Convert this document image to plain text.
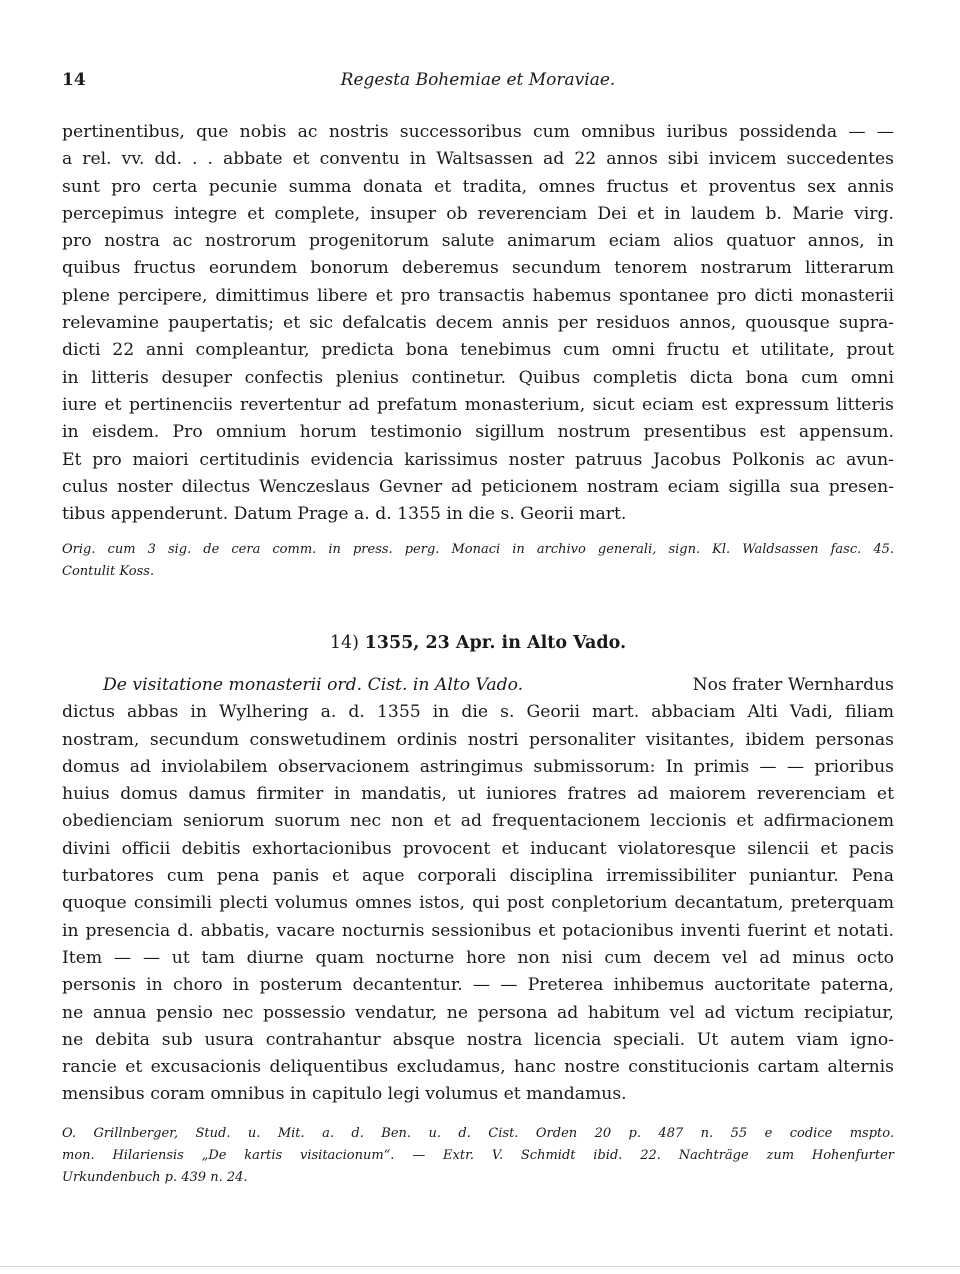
14	Regesta Bohemiae et Moraviae.
pertinentibus, que nobis ac nostris successoribus cum omnibus iuribus possidenda — —
a rel. vv. dd. . . abbate et conventu in Waltsassen ad 22 annos sibi invicem succedentes
sunt pro certa pecunie summa donata et tradita, omnes fructus et proventus sex annis
percepimus integre et complete, insuper ob reverenciam Dei et in laudem b. Marie virg.
pro nostra ac nostrorum progenitorum salute animarum eciam alios quatuor annos, in
quibus fructus eorundem bonorum deberemus secundum tenorem nostrarum litterarum
plene percipere, dimittimus libere et pro transactis habemus spontanee pro dicti monasterii
relevamine paupertatis; et sic defalcatis decem annis per residuos annos, quousque supra-
dicti 22 anni compleantur, predicta bona tenebimus cum omni fructu et utilitate, prout
in litteris desuper confectis plenius continetur. Quibus completis dicta bona cum omni
iure et pertinenciis revertentur ad prefatum monasterium, sicut eciam est expressum litteris
in eisdem. Pro omnium horum testimonio sigillum nostrum presentibus est appensum.
Et pro maiori certitudinis evidencia karissimus noster patruus Jacobus Polkonis ac avun-
culus noster dilectus Wenczeslaus Gevner ad peticionem nostram eciam sigilla sua presen-
tibus appenderunt. Datum Prage a. d. 1355 in die s. Georii mart.
Orig. cum 3 sig. de cera comm. in press. perg. Monaci in archivo generali, sign. Kl. Waldsassen fasc. 45.
Contulit Koss.
14) 1355, 23 Apr. in Alto Vado.
De visitatione monasterii ord. Cist. in Alto Vado.	Nos frater Wernhardus
dictus abbas in Wylhering a. d. 1355 in die s. Georii mart. abbaciam Alti Vadi, filiam
nostram, secundum conswetudinem ordinis nostri personaliter visitantes, ibidem personas
domus ad inviolabilem observacionem astringimus submissorum: In primis — — prioribus
huius domus damus firmiter in mandatis, ut iuniores fratres ad maiorem reverenciam et
obedienciam seniorum suorum nec non et ad frequentacionem leccionis et adfirmacionem
divini officii debitis exhortacionibus provocent et inducant violatoresque silencii et pacis
turbatores cum pena panis et aque corporali disciplina irremissibiliter puniantur. Pena
quoque consimili plecti volumus omnes istos, qui post conpletorium decantatum, preterquam
in presencia d. abbatis, vacare nocturnis sessionibus et potacionibus inventi fuerint et notati.
Item — — ut tam diurne quam nocturne hore non nisi cum decem vel ad minus octo
personis in choro in posterum decantentur. — — Preterea inhibemus auctoritate paterna,
ne annua pensio nec possessio vendatur, ne persona ad habitum vel ad victum recipiatur,
ne debita sub usura contrahantur absque nostra licencia speciali. Ut autem viam igno-
rancie et excusacionis deliquentibus excludamus, hanc nostre constitucionis cartam alternis
mensibus coram omnibus in capitulo legi volumus et mandamus.
O. Grillnberger, Stud. u. Mit. a. d. Ben. u. d. Cist. Orden 20 p. 487 n. 55 e codice mspto.
mon. Hilariensis „De kartis visitacionum“. — Extr. V. Schmidt ibid. 22. Nachträge zum Hohenfurter
Urkundenbuch p. 439 n. 24.
